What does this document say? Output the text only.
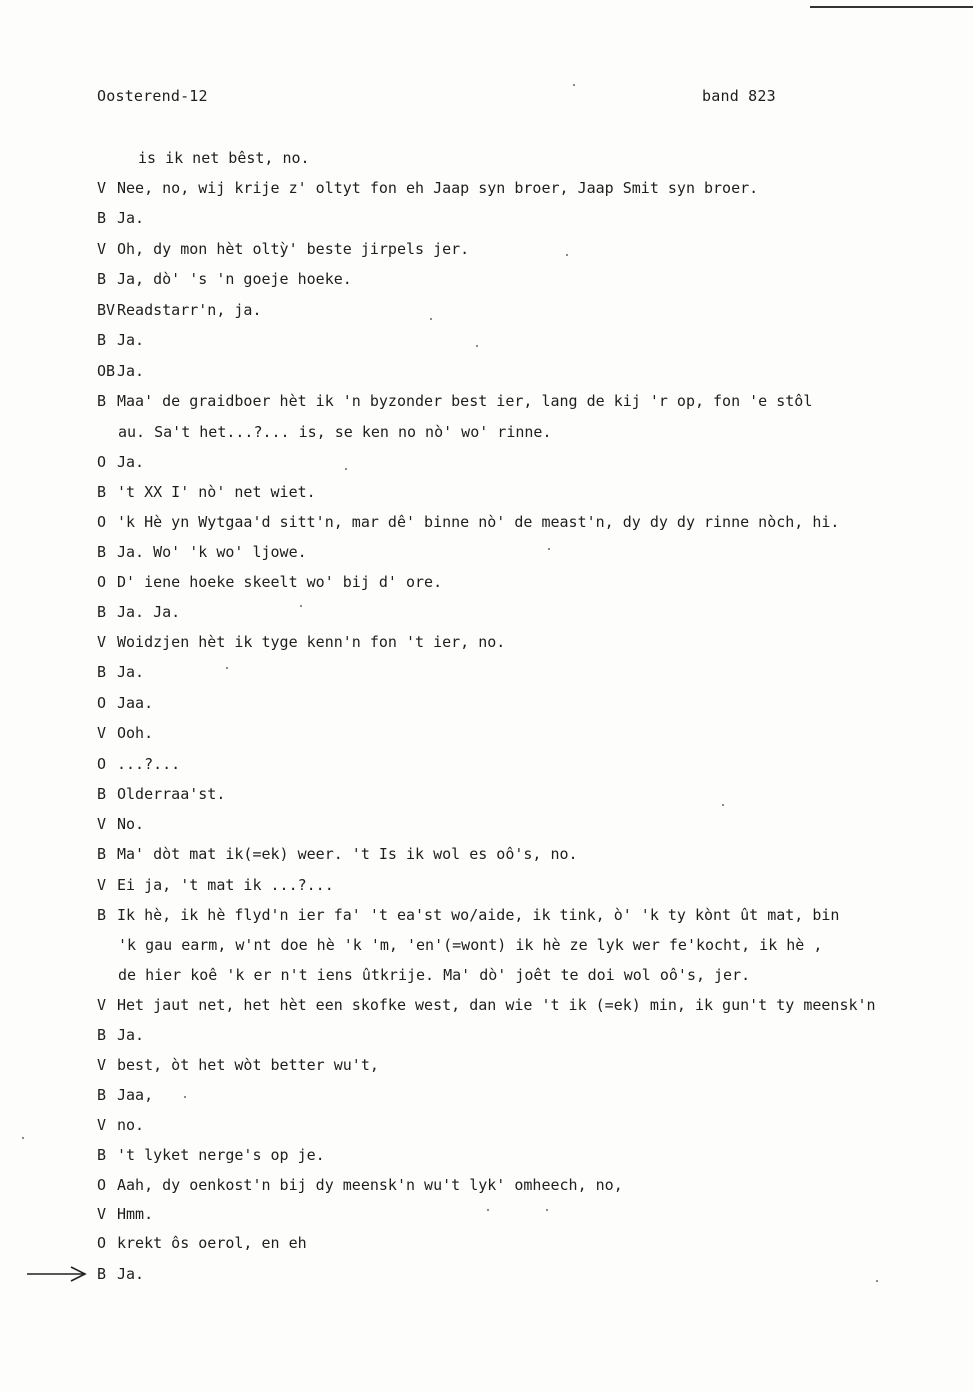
Oosterend-12	band 823
is ik net bêst, no.
V Nee, no, wij krije z' oltyt fon eh Jaap syn broer, Jaap Smit syn broer.
B Ja.
V Oh, dy mon hèt oltỳ' beste jirpels jer.
B Ja, dò' 's 'n goeje hoeke.
BV Readstarr'n, ja.
B Ja.
OB Ja.
B Maa' de graidboer hèt ik 'n byzonder best ier, lang de kij 'r op, fon 'e stôl
au. Sa't het...?... is, se ken no nò' wo' rinne.
O Ja.
B 't XX I' nò' net wiet.
O 'k Hè yn Wytgaa'd sitt'n, mar dê' binne nò' de meast'n, dy dy dy rinne nòch, hi.
B Ja. Wo' 'k wo' ljowe.
O D' iene hoeke skeelt wo' bij d' ore.
B Ja. Ja.
V Woidzjen hèt ik tyge kenn'n fon 't ier, no.
B Ja.
O Jaa.
V Ooh.
O ...?...
B Olderraa'st.
V No.
B Ma' dòt mat ik(=ek) weer. 't Is ik wol es oô's, no.
V Ei ja, 't mat ik ...?...
B Ik hè, ik hè flyd'n ier fa' 't ea'st wo/aide, ik tink, ò' 'k ty kònt ût mat, bin
'k gau earm, w'nt doe hè 'k 'm, 'en'(=wont) ik hè ze lyk wer fe'kocht, ik hè ,
de hier koê 'k er n't iens ûtkrije. Ma' dò' joêt te doi wol oô's, jer.
V Het jaut net, het hèt een skofke west, dan wie 't ik (=ek) min, ik gun't ty meensk'n
B Ja.
V best, òt het wòt better wu't,
B Jaa,
V no.
B 't lyket nerge's op je.
O Aah, dy oenkost'n bij dy meensk'n wu't lyk' omheech, no,
V Hmm.
O krekt ôs oerol, en eh
B Ja.
